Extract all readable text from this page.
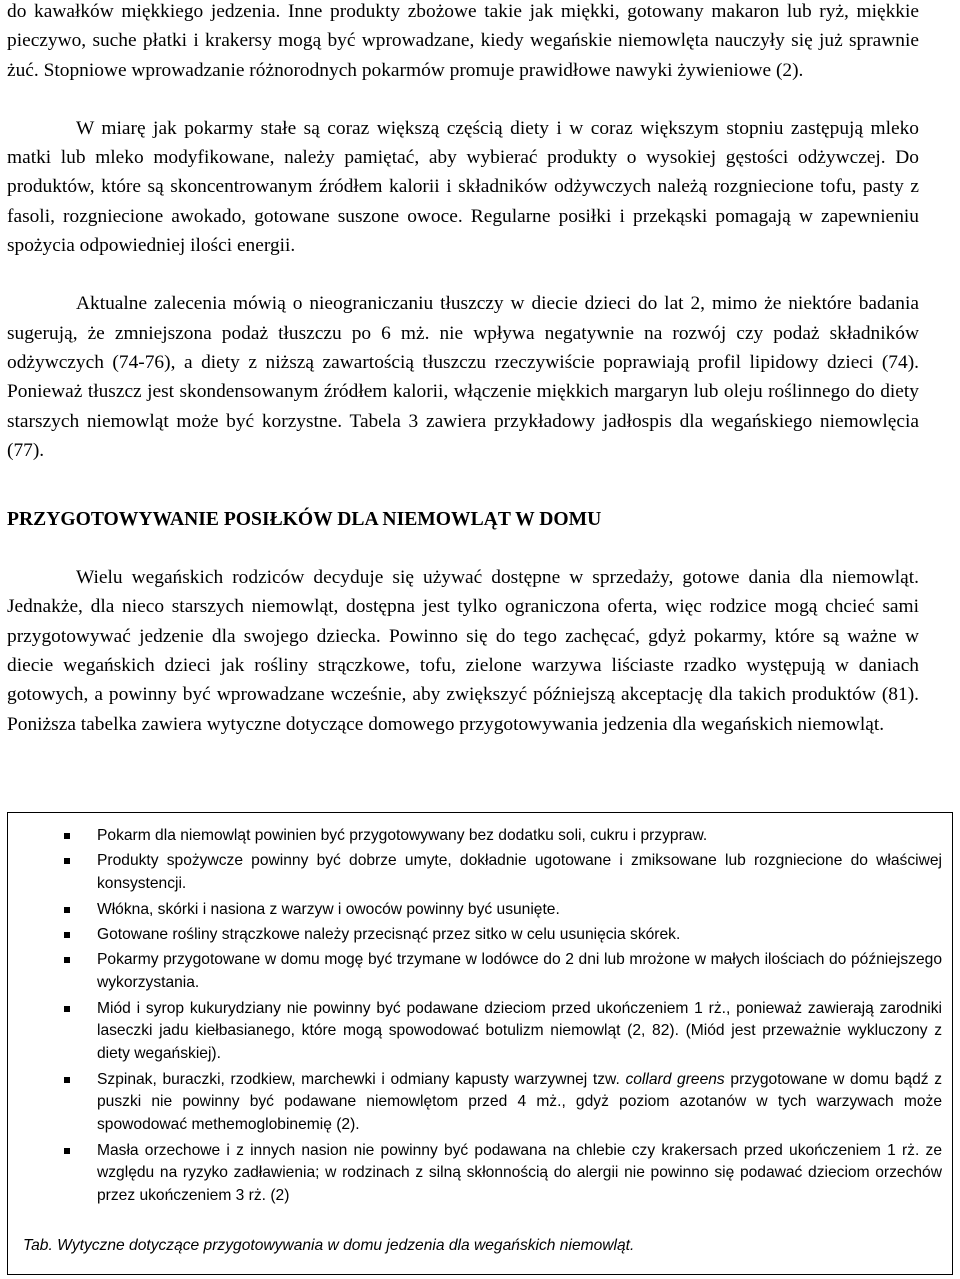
do kawałków miękkiego jedzenia. Inne produkty zbożowe takie jak miękki, gotowany makaron lub ryż, miękkie pieczywo, suche płatki i krakersy mogą być wprowadzane, kiedy wegańskie niemowlęta nauczyły się już sprawnie żuć. Stopniowe wprowadzanie różnorodnych pokarmów promuje prawidłowe nawyki żywieniowe (2).

W miarę jak pokarmy stałe są coraz większą częścią diety i w coraz większym stopniu zastępują mleko matki lub mleko modyfikowane, należy pamiętać, aby wybierać produkty o wysokiej gęstości odżywczej. Do produktów, które są skoncentrowanym źródłem kalorii i składników odżywczych należą rozgniecione tofu, pasty z fasoli, rozgniecione awokado, gotowane suszone owoce. Regularne posiłki i przekąski pomagają w zapewnieniu spożycia odpowiedniej ilości energii.

Aktualne zalecenia mówią o nieograniczaniu tłuszczy w diecie dzieci do lat 2, mimo że niektóre badania sugerują, że zmniejszona podaż tłuszczu po 6 mż. nie wpływa negatywnie na rozwój czy podaż składników odżywczych (74-76), a diety z niższą zawartością tłuszczu rzeczywiście poprawiają profil lipidowy dzieci (74). Ponieważ tłuszcz jest skondensowanym źródłem kalorii, włączenie miękkich margaryn lub oleju roślinnego do diety starszych niemowląt może być korzystne. Tabela 3 zawiera przykładowy jadłospis dla wegańskiego niemowlęcia (77).

PRZYGOTOWYWANIE POSIŁKÓW DLA NIEMOWLĄT W DOMU

Wielu wegańskich rodziców decyduje się używać dostępne w sprzedaży, gotowe dania dla niemowląt. Jednakże, dla nieco starszych niemowląt, dostępna jest tylko ograniczona oferta, więc rodzice mogą chcieć sami przygotowywać jedzenie dla swojego dziecka. Powinno się do tego zachęcać, gdyż pokarmy, które są ważne w diecie wegańskich dzieci jak rośliny strączkowe, tofu, zielone warzywa liściaste rzadko występują w daniach gotowych, a powinny być wprowadzane wcześnie, aby zwiększyć późniejszą akceptację dla takich produktów (81). Poniższa tabelka zawiera wytyczne dotyczące domowego przygotowywania jedzenia dla wegańskich niemowląt.

Pokarm dla niemowląt powinien być przygotowywany bez dodatku soli, cukru i przypraw.
Produkty spożywcze powinny być dobrze umyte, dokładnie ugotowane i zmiksowane lub rozgniecione do właściwej konsystencji.
Włókna, skórki i nasiona z warzyw i owoców powinny być usunięte.
Gotowane rośliny strączkowe należy przecisnąć przez sitko w celu usunięcia skórek.
Pokarmy przygotowane w domu mogę być trzymane w lodówce do 2 dni lub mrożone w małych ilościach do późniejszego wykorzystania.
Miód i syrop kukurydziany nie powinny być podawane dzieciom przed ukończeniem 1 rż., ponieważ zawierają zarodniki laseczki jadu kiełbasianego, które mogą spowodować botulizm niemowląt (2, 82). (Miód jest przeważnie wykluczony z diety wegańskiej).
Szpinak, buraczki, rzodkiew, marchewki i odmiany kapusty warzywnej tzw. collard greens przygotowane w domu bądź z puszki nie powinny być podawane niemowlętom przed 4 mż., gdyż poziom azotanów w tych warzywach może spowodować methemoglobinemię (2).
Masła orzechowe i z innych nasion nie powinny być podawana na chlebie czy krakersach przed ukończeniem 1 rż. ze względu na ryzyko zadławienia; w rodzinach z silną skłonnością do alergii nie powinno się podawać dzieciom orzechów przez ukończeniem 3 rż. (2)

Tab. Wytyczne dotyczące przygotowywania w domu jedzenia dla wegańskich niemowląt.
